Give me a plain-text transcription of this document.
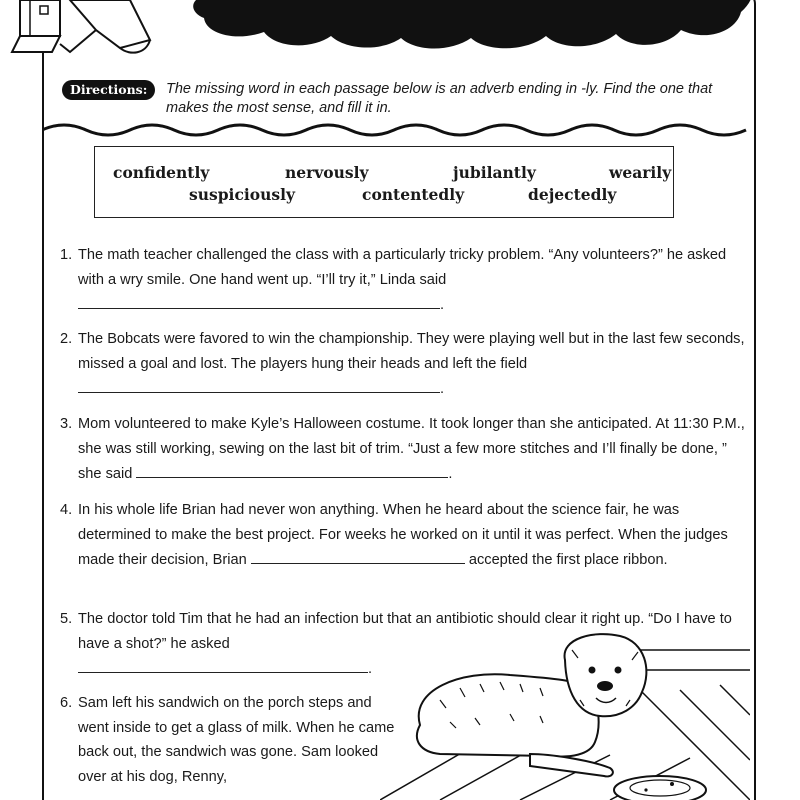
Directions:	The missing word in each passage below is an adverb ending in -ly. Find the one that makes the most sense, and fill it in.
confidently	nervously	jubilantly	wearily
suspiciously	contentedly	dejectedly
1. The math teacher challenged the class with a particularly tricky problem. “Any volunteers?” he asked with a wry smile. One hand went up. “I’ll try it,” Linda said
.
2. The Bobcats were favored to win the championship. They were playing well but in the last few seconds, missed a goal and lost. The players hung their heads and left the field
.
3. Mom volunteered to make Kyle’s Halloween costume. It took longer than she anticipated. At 11:30 P.M., she was still working, sewing on the last bit of trim. “Just a few more stitches and I’ll finally be done, ” she said	.
4. In his whole life Brian had never won anything. When he heard about the science fair, he was determined to make the best project. For weeks he worked on it until it was perfect. When the judges made their decision, Brian	accepted the first place ribbon.
5. The doctor told Tim that he had an infection but that an antibiotic should clear it right up. “Do I have to have a shot?” he asked
.
6. Sam left his sandwich on the porch steps and went inside to get a glass of milk. When he came back out, the sandwich was gone. Sam looked over at his dog, Renny,
